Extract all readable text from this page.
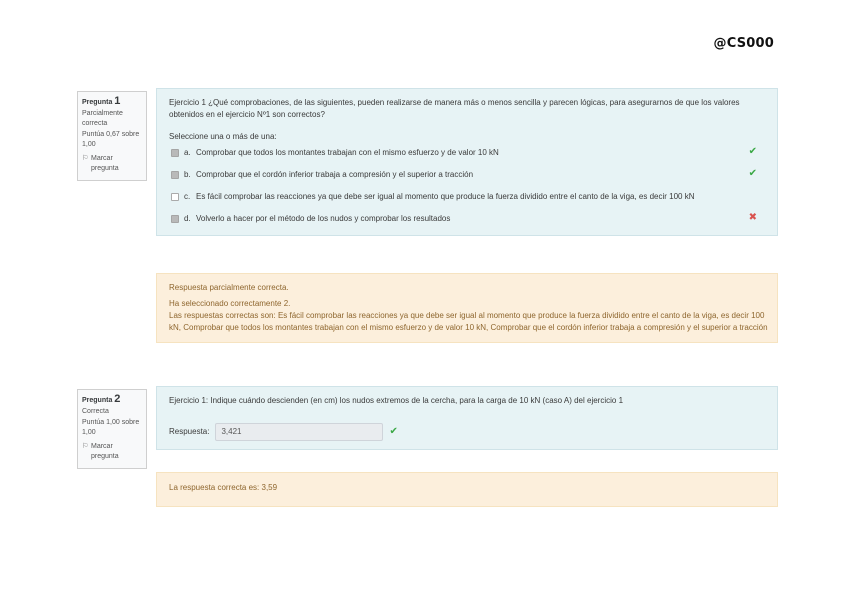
@CS000
Pregunta 1
Parcialmente correcta
Puntúa 0,67 sobre 1,00
⚐ Marcar pregunta
Ejercicio 1 ¿Qué comprobaciones, de las siguientes, pueden realizarse de manera más o menos sencilla y parecen lógicas, para asegurarnos de que los valores obtenidos en el ejercicio Nº1 son correctos?
Seleccione una o más de una:
a. Comprobar que todos los montantes trabajan con el mismo esfuerzo y de valor 10 kN	✔
b. Comprobar que el cordón inferior trabaja a compresión y el superior a tracción	✔
c. Es fácil comprobar las reacciones ya que debe ser igual al momento que produce la fuerza dividido entre el canto de la viga, es decir 100 kN
d. Volverlo a hacer por el método de los nudos y comprobar los resultados	✖
Respuesta parcialmente correcta.
Ha seleccionado correctamente 2.
Las respuestas correctas son: Es fácil comprobar las reacciones ya que debe ser igual al momento que produce la fuerza dividido entre el canto de la viga, es decir 100 kN, Comprobar que todos los montantes trabajan con el mismo esfuerzo y de valor 10 kN, Comprobar que el cordón inferior trabaja a compresión y el superior a tracción
Pregunta 2
Correcta
Puntúa 1,00 sobre 1,00
⚐ Marcar pregunta
Ejercicio 1: Indique cuándo descienden (en cm) los nudos extremos de la cercha, para la carga de 10 kN (caso A) del ejercicio 1
Respuesta:	3,421	✔
La respuesta correcta es: 3,59
